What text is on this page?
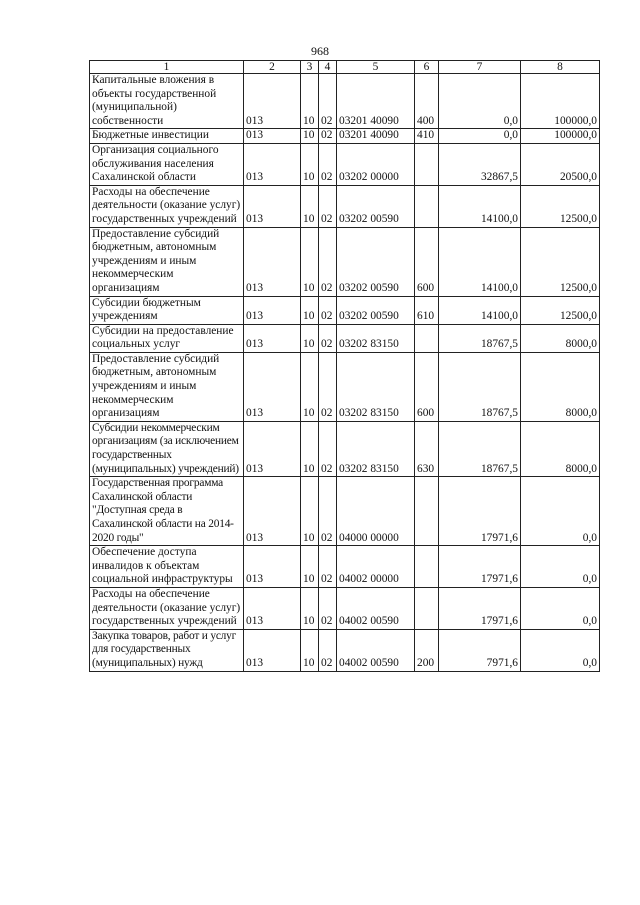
968
1	2	3	4	5	6	7	8
Капитальные вложения в объекты государственной (муниципальной) собственности	013	10	02	03201 40090	400	0,0	100000,0
Бюджетные инвестиции	013	10	02	03201 40090	410	0,0	100000,0
Организация социального обслуживания населения Сахалинской области	013	10	02	03202 00000		32867,5	20500,0
Расходы на обеспечение деятельности (оказание услуг) государственных учреждений	013	10	02	03202 00590		14100,0	12500,0
Предоставление субсидий бюджетным, автономным учреждениям и иным некоммерческим организациям	013	10	02	03202 00590	600	14100,0	12500,0
Субсидии бюджетным учреждениям	013	10	02	03202 00590	610	14100,0	12500,0
Субсидии на предоставление социальных услуг	013	10	02	03202 83150		18767,5	8000,0
Предоставление субсидий бюджетным, автономным учреждениям и иным некоммерческим организациям	013	10	02	03202 83150	600	18767,5	8000,0
Субсидии некоммерческим организациям (за исключением государственных (муниципальных) учреждений)	013	10	02	03202 83150	630	18767,5	8000,0
Государственная программа Сахалинской области "Доступная среда в Сахалинской области на 2014-2020 годы"	013	10	02	04000 00000		17971,6	0,0
Обеспечение доступа инвалидов к объектам социальной инфраструктуры	013	10	02	04002 00000		17971,6	0,0
Расходы на обеспечение деятельности (оказание услуг) государственных учреждений	013	10	02	04002 00590		17971,6	0,0
Закупка товаров, работ и услуг для государственных (муниципальных) нужд	013	10	02	04002 00590	200	7971,6	0,0
